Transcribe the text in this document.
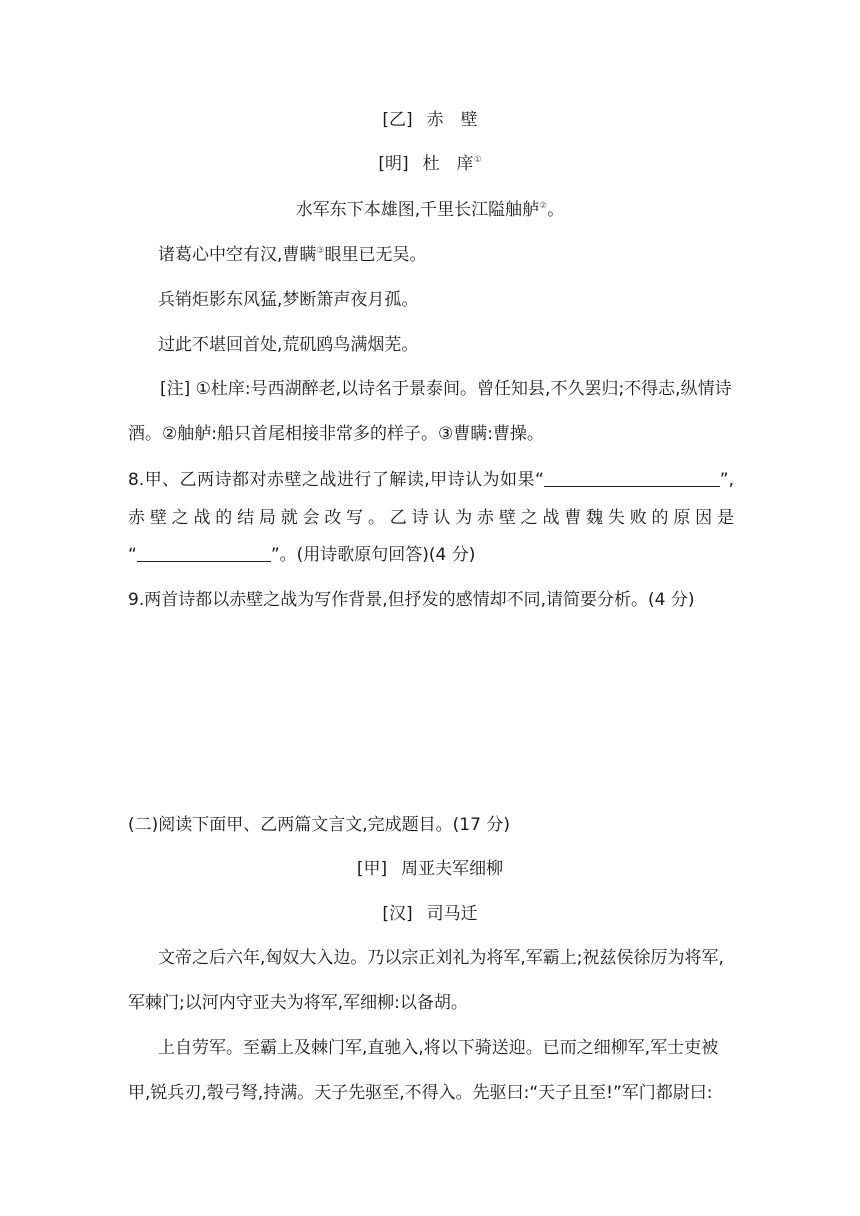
[乙] 赤　壁
[明] 杜　庠①
水军东下本雄图,千里长江隘舳舻②。
诸葛心中空有汉,曹瞒③眼里已无吴。
兵销炬影东风猛,梦断箫声夜月孤。
过此不堪回首处,荒矶鸥鸟满烟芜。
[注] ①杜庠:号西湖醉老,以诗名于景泰间。曾任知县,不久罢归;不得志,纵情诗
酒。②舳舻:船只首尾相接非常多的样子。③曹瞒:曹操。
8.甲、乙两诗都对赤壁之战进行了解读,甲诗认为如果“	”,
赤壁之战的结局就会改写。乙诗认为赤壁之战曹魏失败的原因是
“	”。(用诗歌原句回答)(4 分)
9.两首诗都以赤壁之战为写作背景,但抒发的感情却不同,请简要分析。(4 分)
(二)阅读下面甲、乙两篇文言文,完成题目。(17 分)
[甲] 周亚夫军细柳
[汉] 司马迁
文帝之后六年,匈奴大入边。乃以宗正刘礼为将军,军霸上;祝兹侯徐厉为将军,
军棘门;以河内守亚夫为将军,军细柳:以备胡。
上自劳军。至霸上及棘门军,直驰入,将以下骑送迎。已而之细柳军,军士吏被
甲,锐兵刃,彀弓弩,持满。天子先驱至,不得入。先驱曰:“天子且至!”军门都尉曰:
